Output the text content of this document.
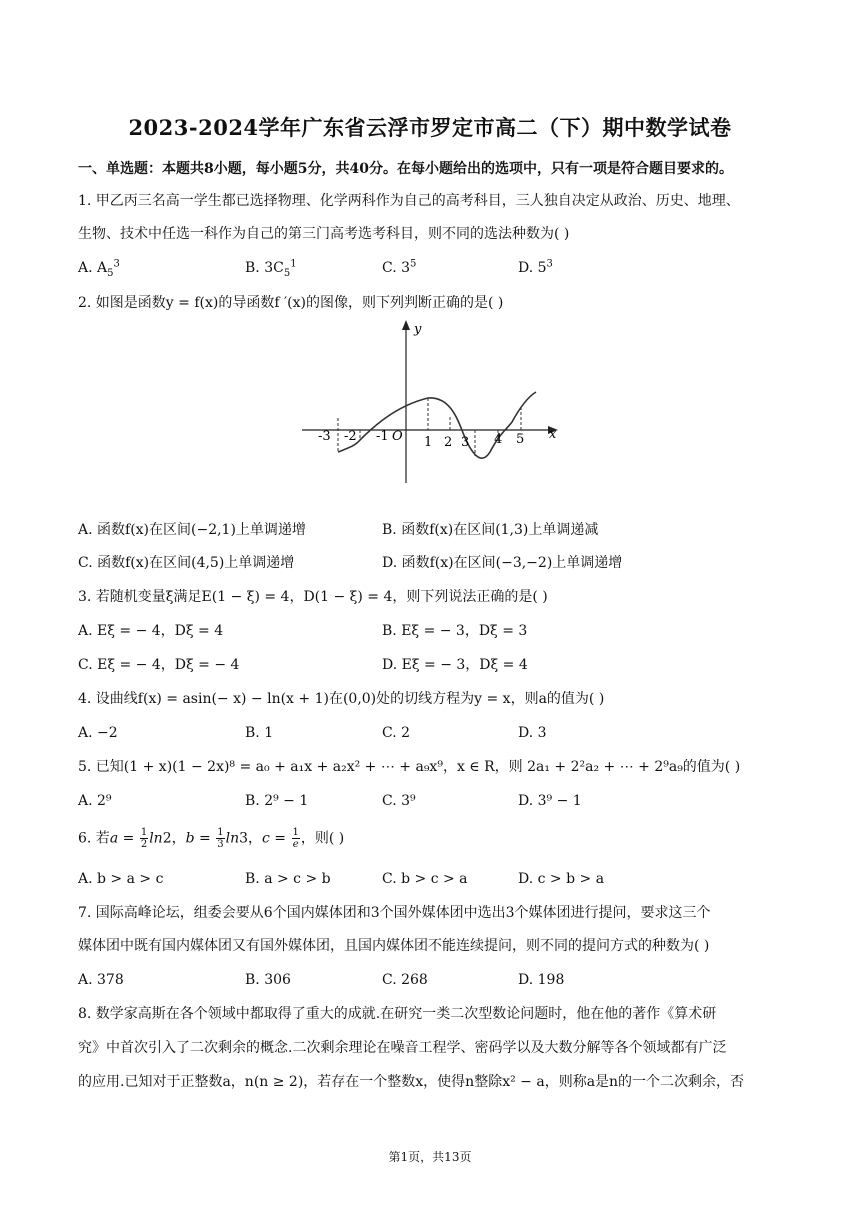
2023-2024学年广东省云浮市罗定市高二（下）期中数学试卷
一、单选题：本题共8小题，每小题5分，共40分。在每小题给出的选项中，只有一项是符合题目要求的。
1. 甲乙丙三名高一学生都已选择物理、化学两科作为自己的高考科目，三人独自决定从政治、历史、地理、
生物、技术中任选一科作为自己的第三门高考选考科目，则不同的选法种数为( )
A. $A_5^3$	B. $3C_5^1$	C. $3^5$	D. $5^3$
2. 如图是函数y = f(x)的导函数f ′(x)的图像，则下列判断正确的是( )
y
x
-3 -2 -1 O 1 2 3 4 5
A. 函数f(x)在区间(−2,1)上单调递增	B. 函数f(x)在区间(1,3)上单调递减
C. 函数f(x)在区间(4,5)上单调递增	D. 函数f(x)在区间(−3,−2)上单调递增
3. 若随机变量ξ满足E(1 − ξ) = 4，D(1 − ξ) = 4，则下列说法正确的是( )
A. Eξ = − 4，Dξ = 4	B. Eξ = − 3，Dξ = 3
C. Eξ = − 4，Dξ = − 4	D. Eξ = − 3，Dξ = 4
4. 设曲线f(x) = asin(− x) − ln(x + 1)在(0,0)处的切线方程为y = x，则a的值为( )
A. −2	B. 1	C. 2	D. 3
5. 已知(1 + x)(1 − 2x)⁸ = a₀ + a₁x + a₂x² + ⋯ + a₉x⁹，x ∈ R，则 2a₁ + 2²a₂ + ⋯ + 2⁹a₉的值为( )
A. 2⁹	B. 2⁹ − 1	C. 3⁹	D. 3⁹ − 1
6. 若$a = \frac{1}{2} \ln 2$，$b = \frac{1}{3} \ln 3$，$c = \frac{1}{e}$ ，则( )
A. b > a > c	B. a > c > b	C. b > c > a	D. c > b > a
7. 国际高峰论坛，组委会要从6个国内媒体团和3个国外媒体团中选出3个媒体团进行提问，要求这三个
媒体团中既有国内媒体团又有国外媒体团，且国内媒体团不能连续提问，则不同的提问方式的种数为( )
A. 378	B. 306	C. 268	D. 198
8. 数学家高斯在各个领域中都取得了重大的成就.在研究一类二次型数论问题时，他在他的著作《算术研
究》中首次引入了二次剩余的概念.二次剩余理论在噪音工程学、密码学以及大数分解等各个领域都有广泛
的应用.已知对于正整数a，n(n ≥ 2)，若存在一个整数x，使得n整除x² − a，则称a是n的一个二次剩余，否
第1页，共13页
